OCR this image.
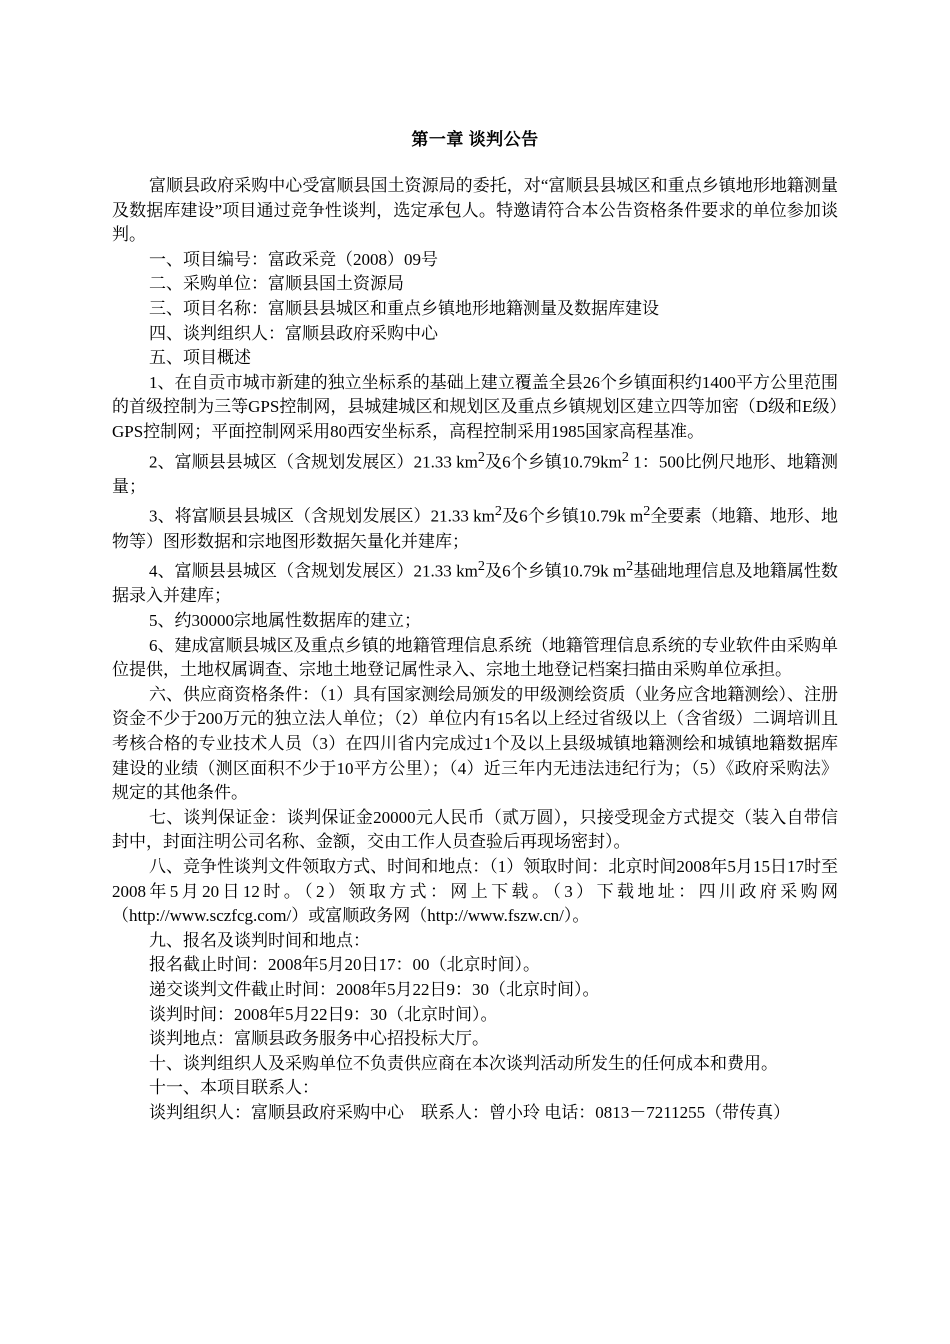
第一章 谈判公告

富顺县政府采购中心受富顺县国土资源局的委托，对“富顺县县城区和重点乡镇地形地籍测量及数据库建设”项目通过竞争性谈判，选定承包人。特邀请符合本公告资格条件要求的单位参加谈判。

一、项目编号：富政采竞（2008）09号

二、采购单位：富顺县国土资源局

三、项目名称：富顺县县城区和重点乡镇地形地籍测量及数据库建设

四、谈判组织人：富顺县政府采购中心

五、项目概述

1、在自贡市城市新建的独立坐标系的基础上建立覆盖全县26个乡镇面积约1400平方公里范围的首级控制为三等GPS控制网，县城建城区和规划区及重点乡镇规划区建立四等加密（D级和E级）GPS控制网；平面控制网采用80西安坐标系，高程控制采用1985国家高程基准。

2、富顺县县城区（含规划发展区）21.33 $km^2$及6个乡镇$10.79km^2$ 1：500比例尺地形、地籍测量；

3、将富顺县县城区（含规划发展区）21.33 $km^2$及6个乡镇10.79k $m^2$全要素（地籍、地形、地物等）图形数据和宗地图形数据矢量化并建库；

4、富顺县县城区（含规划发展区）21.33 $km^2$及6个乡镇10.79k $m^2$基础地理信息及地籍属性数据录入并建库；

5、约30000宗地属性数据库的建立；

6、建成富顺县城区及重点乡镇的地籍管理信息系统（地籍管理信息系统的专业软件由采购单位提供，土地权属调查、宗地土地登记属性录入、宗地土地登记档案扫描由采购单位承担。

六、供应商资格条件：（1）具有国家测绘局颁发的甲级测绘资质（业务应含地籍测绘）、注册资金不少于200万元的独立法人单位；（2）单位内有15名以上经过省级以上（含省级）二调培训且考核合格的专业技术人员（3）在四川省内完成过1个及以上县级城镇地籍测绘和城镇地籍数据库建设的业绩（测区面积不少于10平方公里）；（4）近三年内无违法违纪行为；（5）《政府采购法》规定的其他条件。

七、谈判保证金：谈判保证金20000元人民币（贰万圆），只接受现金方式提交（装入自带信封中，封面注明公司名称、金额，交由工作人员查验后再现场密封）。

八、竞争性谈判文件领取方式、时间和地点：（1）领取时间：北京时间2008年5月15日17时至2008年5月20日12时。（2）领取方式：网上下载。（3）下载地址：四川政府采购网（http://www.sczfcg.com/）或富顺政务网（http://www.fszw.cn/）。

九、报名及谈判时间和地点：

报名截止时间：2008年5月20日17：00（北京时间）。

递交谈判文件截止时间：2008年5月22日9：30（北京时间）。

谈判时间：2008年5月22日9：30（北京时间）。

谈判地点：富顺县政务服务中心招投标大厅。

十、谈判组织人及采购单位不负责供应商在本次谈判活动所发生的任何成本和费用。

十一、本项目联系人：

谈判组织人：富顺县政府采购中心　联系人：曾小玲 电话：0813－7211255（带传真）
